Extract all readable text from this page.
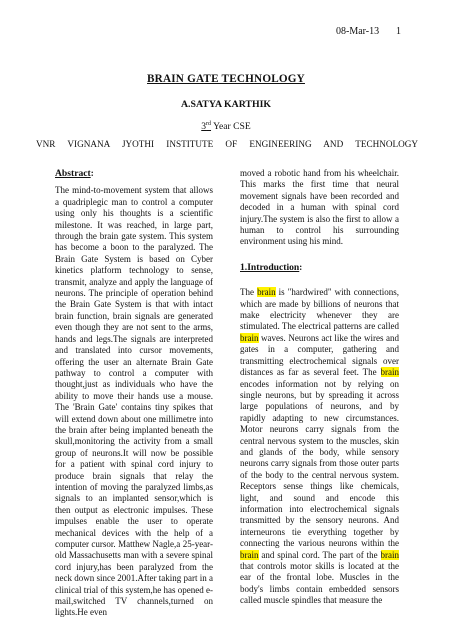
08-Mar-13 1
BRAIN GATE TECHNOLOGY
A.SATYA KARTHIK
3rd Year CSE
VNR VIGNANA JYOTHI INSTITUTE OF ENGINEERING AND TECHNOLOGY

Abstract:

The mind-to-movement system that allows a quadriplegic man to control a computer using only his thoughts is a scientific milestone. It was reached, in large part, through the brain gate system. This system has become a boon to the paralyzed. The Brain Gate System is based on Cyber kinetics platform technology to sense, transmit, analyze and apply the language of neurons. The principle of operation behind the Brain Gate System is that with intact brain function, brain signals are generated even though they are not sent to the arms, hands and legs.The signals are interpreted and translated into cursor movements, offering the user an alternate Brain Gate pathway to control a computer with thought,just as individuals who have the ability to move their hands use a mouse. The 'Brain Gate' contains tiny spikes that will extend down about one millimetre into the brain after being implanted beneath the skull,monitoring the activity from a small group of neurons.It will now be possible for a patient with spinal cord injury to produce brain signals that relay the intention of moving the paralyzed limbs,as signals to an implanted sensor,which is then output as electronic impulses. These impulses enable the user to operate mechanical devices with the help of a computer cursor. Matthew Nagle,a 25-year-old Massachusetts man with a severe spinal cord injury,has been paralyzed from the neck down since 2001.After taking part in a clinical trial of this system,he has opened e-mail,switched TV channels,turned on lights.He even

moved a robotic hand from his wheelchair. This marks the first time that neural movement signals have been recorded and decoded in a human with spinal cord injury.The system is also the first to allow a human to control his surrounding environment using his mind.

1.Introduction:

The brain is "hardwired" with connections, which are made by billions of neurons that make electricity whenever they are stimulated. The electrical patterns are called brain waves. Neurons act like the wires and gates in a computer, gathering and transmitting electrochemical signals over distances as far as several feet. The brain encodes information not by relying on single neurons, but by spreading it across large populations of neurons, and by rapidly adapting to new circumstances. Motor neurons carry signals from the central nervous system to the muscles, skin and glands of the body, while sensory neurons carry signals from those outer parts of the body to the central nervous system. Receptors sense things like chemicals, light, and sound and encode this information into electrochemical signals transmitted by the sensory neurons. And interneurons tie everything together by connecting the various neurons within the brain and spinal cord. The part of the brain that controls motor skills is located at the ear of the frontal lobe. Muscles in the body's limbs contain embedded sensors called muscle spindles that measure the
